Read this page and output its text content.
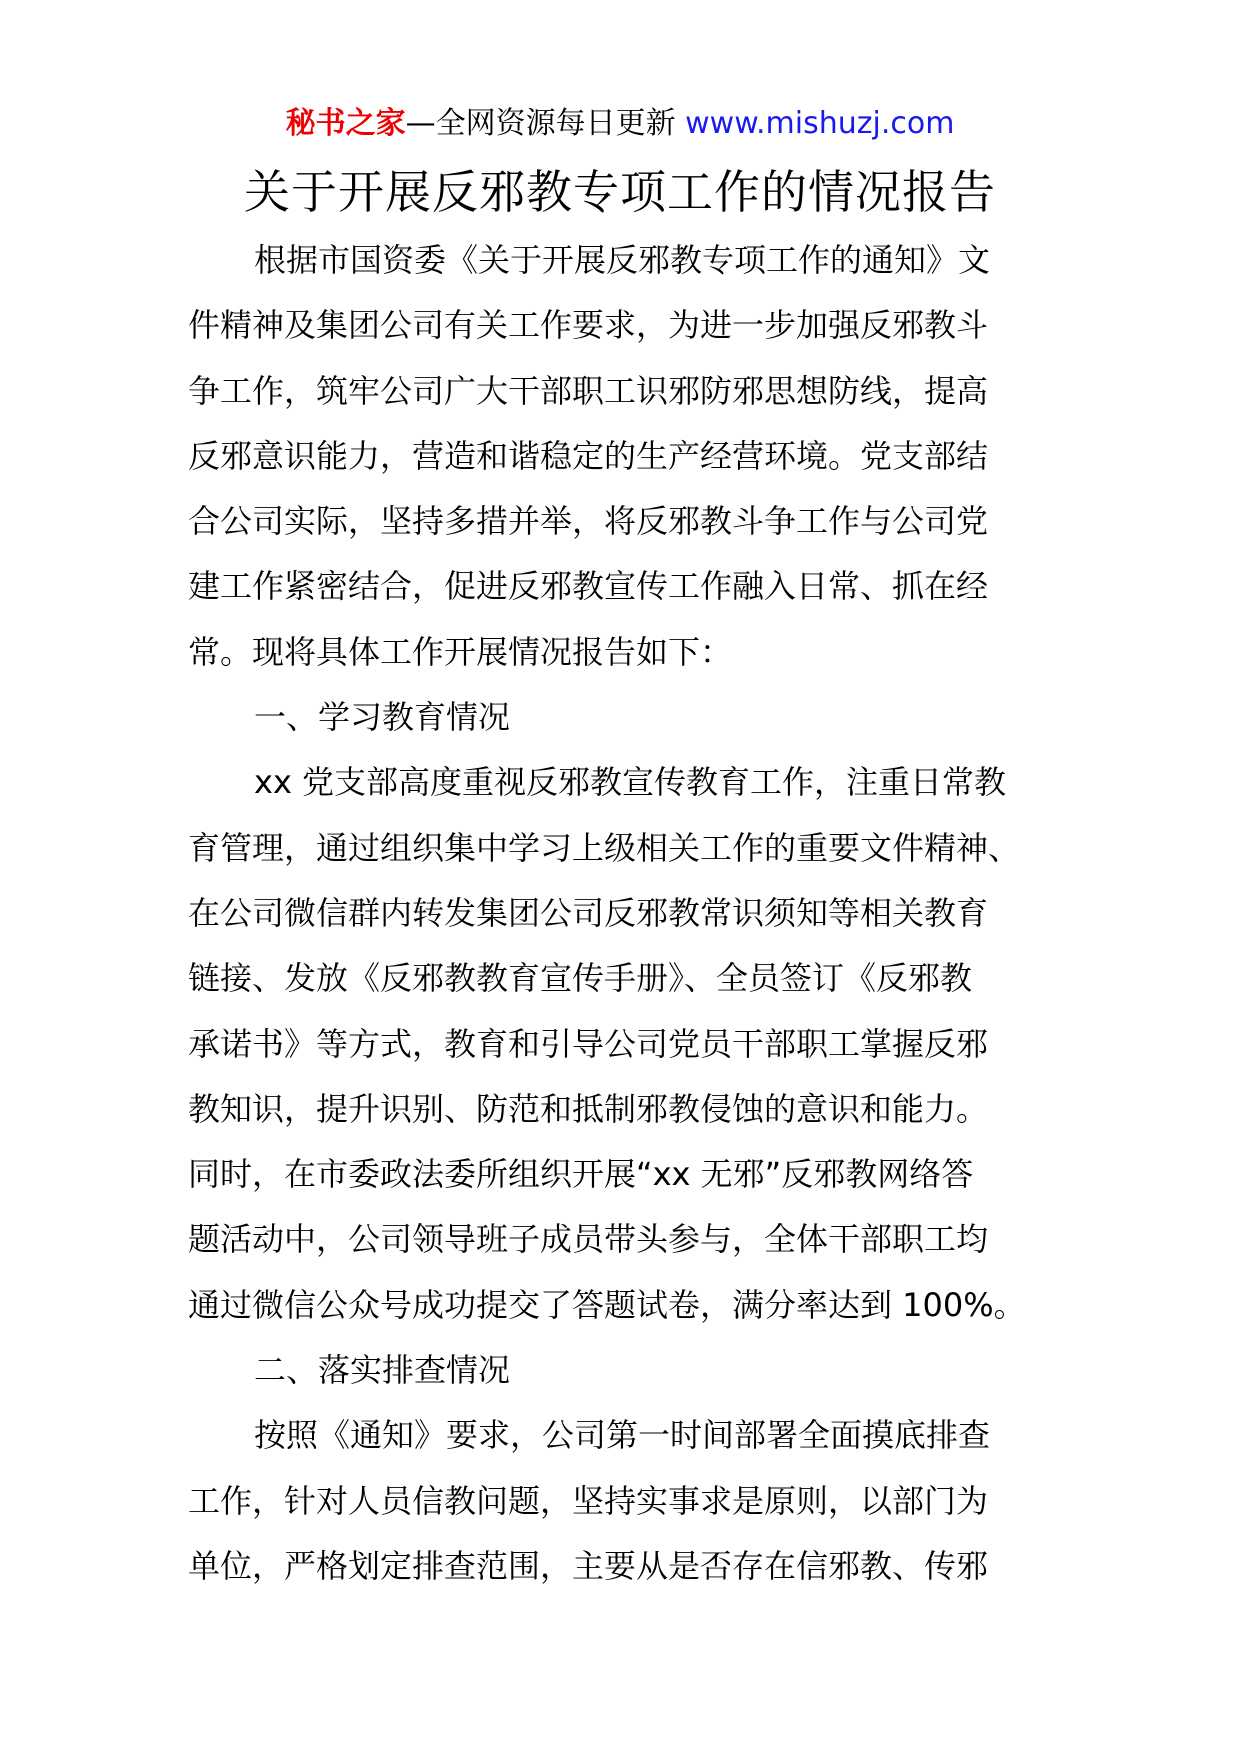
秘书之家—全网资源每日更新 www.mishuzj.com
关于开展反邪教专项工作的情况报告
根据市国资委《关于开展反邪教专项工作的通知》文
件精神及集团公司有关工作要求，为进一步加强反邪教斗
争工作，筑牢公司广大干部职工识邪防邪思想防线，提高
反邪意识能力，营造和谐稳定的生产经营环境。党支部结
合公司实际，坚持多措并举，将反邪教斗争工作与公司党
建工作紧密结合，促进反邪教宣传工作融入日常、抓在经
常。现将具体工作开展情况报告如下：
一、学习教育情况
xx 党支部高度重视反邪教宣传教育工作，注重日常教
育管理，通过组织集中学习上级相关工作的重要文件精神、
在公司微信群内转发集团公司反邪教常识须知等相关教育
链接、发放《反邪教教育宣传手册》、全员签订《反邪教
承诺书》等方式，教育和引导公司党员干部职工掌握反邪
教知识，提升识别、防范和抵制邪教侵蚀的意识和能力。
同时，在市委政法委所组织开展“xx 无邪”反邪教网络答
题活动中，公司领导班子成员带头参与，全体干部职工均
通过微信公众号成功提交了答题试卷，满分率达到 100%。
二、落实排查情况
按照《通知》要求，公司第一时间部署全面摸底排查
工作，针对人员信教问题，坚持实事求是原则，以部门为
单位，严格划定排查范围，主要从是否存在信邪教、传邪
